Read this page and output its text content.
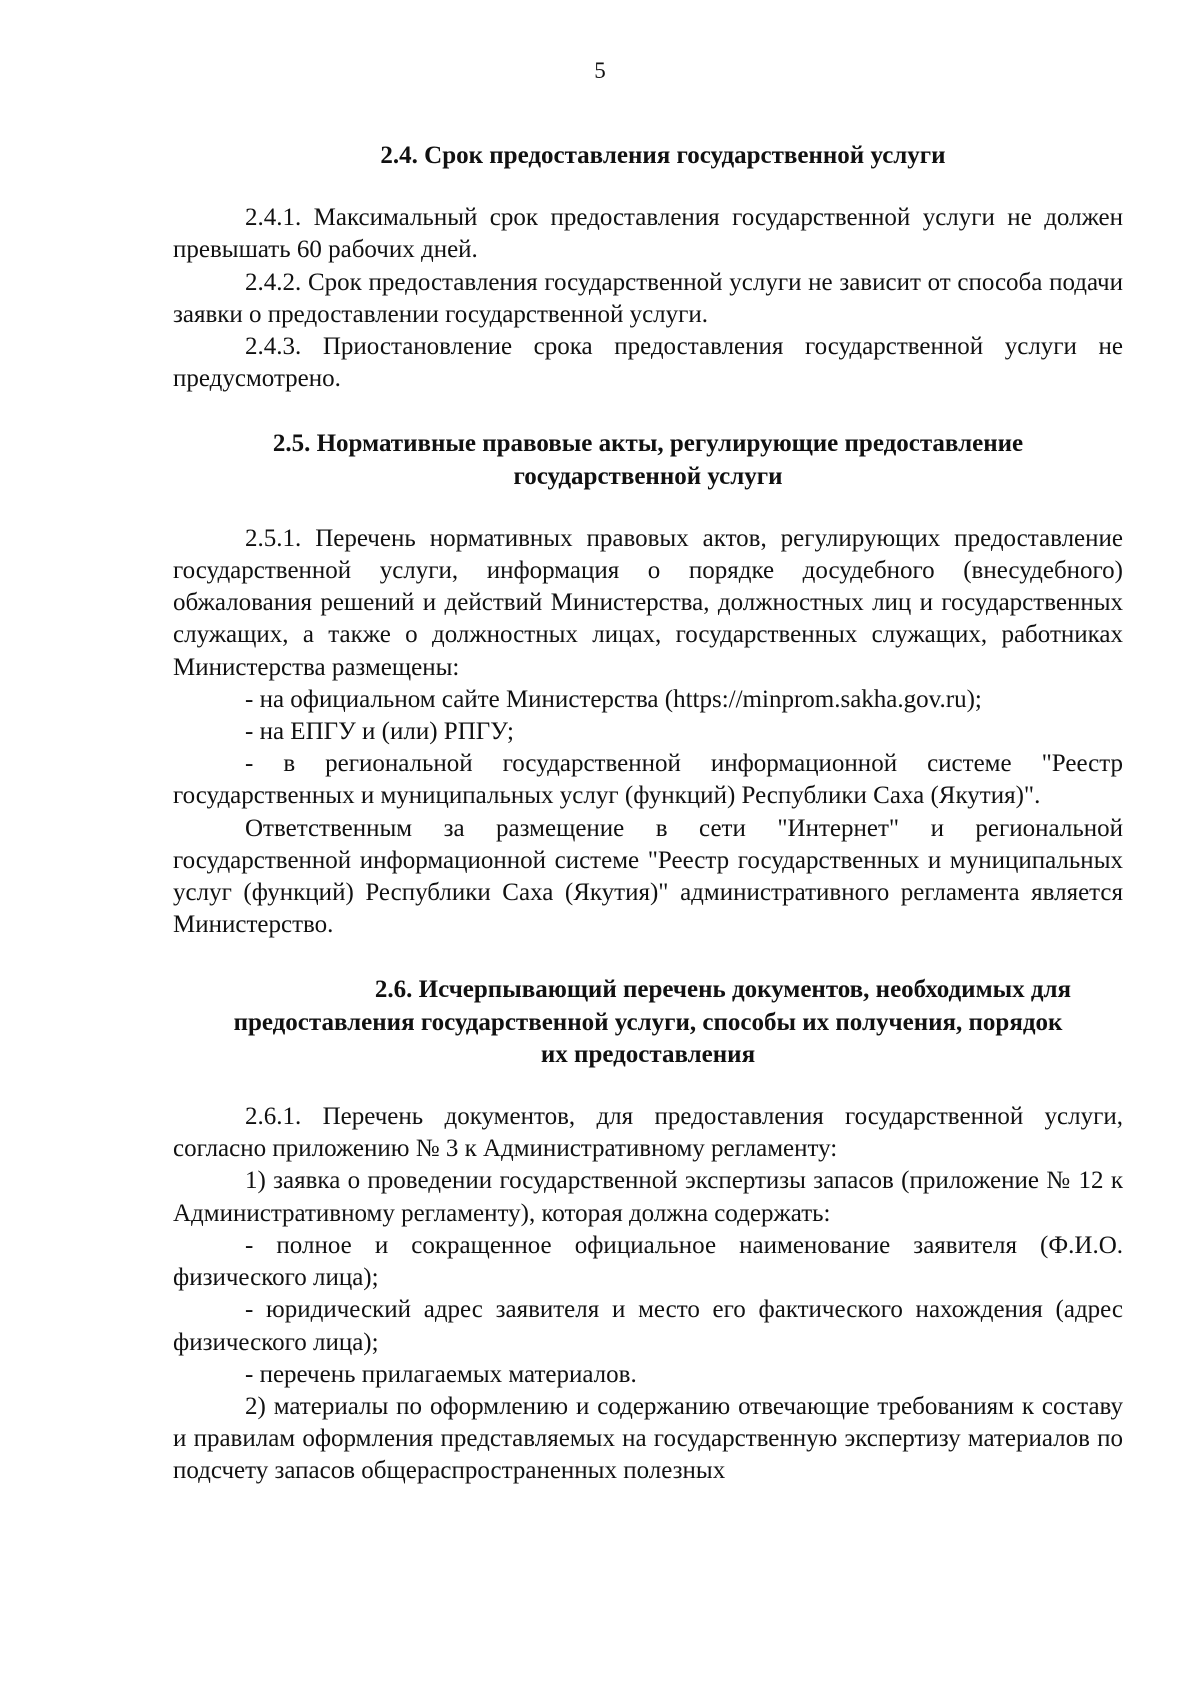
5
2.4. Срок предоставления государственной услуги

2.4.1. Максимальный срок предоставления государственной услуги не должен превышать 60 рабочих дней.

2.4.2. Срок предоставления государственной услуги не зависит от способа подачи заявки о предоставлении государственной услуги.

2.4.3. Приостановление срока предоставления государственной услуги не предусмотрено.

2.5. Нормативные правовые акты, регулирующие предоставление
государственной услуги

2.5.1. Перечень нормативных правовых актов, регулирующих предоставление государственной услуги, информация о порядке досудебного (внесудебного) обжалования решений и действий Министерства, должностных лиц и государственных служащих, а также о должностных лицах, государственных служащих, работниках Министерства размещены:

- на официальном сайте Министерства (https://minprom.sakha.gov.ru);

- на ЕПГУ и (или) РПГУ;

- в региональной государственной информационной системе "Реестр государственных и муниципальных услуг (функций) Республики Саха (Якутия)".

Ответственным за размещение в сети "Интернет" и региональной государственной информационной системе "Реестр государственных и муниципальных услуг (функций) Республики Саха (Якутия)" административного регламента является Министерство.

2.6. Исчерпывающий перечень документов, необходимых для
предоставления государственной услуги, способы их получения, порядок
их предоставления

2.6.1. Перечень документов, для предоставления государственной услуги, согласно приложению № 3 к Административному регламенту:

1) заявка о проведении государственной экспертизы запасов (приложение № 12 к Административному регламенту), которая должна содержать:

- полное и сокращенное официальное наименование заявителя (Ф.И.О. физического лица);

- юридический адрес заявителя и место его фактического нахождения (адрес физического лица);

- перечень прилагаемых материалов.

2) материалы по оформлению и содержанию отвечающие требованиям к составу и правилам оформления представляемых на государственную экспертизу материалов по подсчету запасов общераспространенных полезных
